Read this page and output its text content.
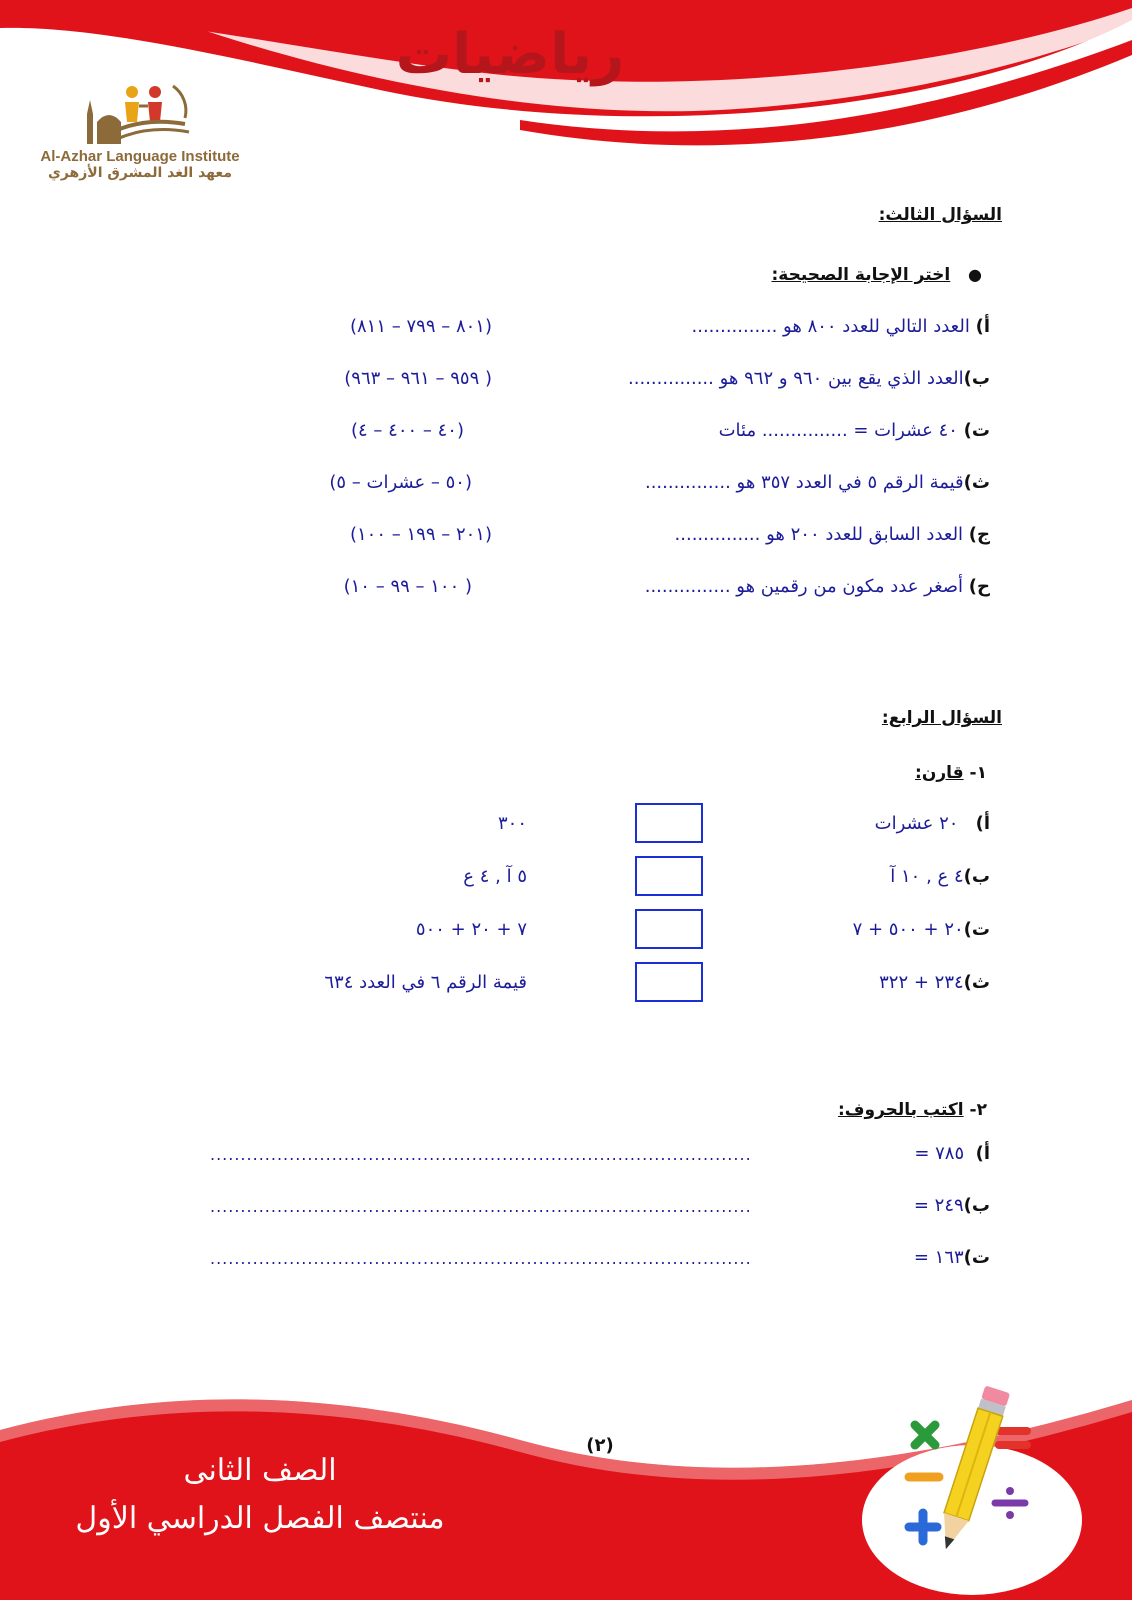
رياضيات
Al-Azhar Language Institute
معهد الغد المشرق الأزهري
السؤال الثالث:
●   اختر الإجابة الصحيحة:
أ) العدد التالي للعدد ٨٠٠ هو ...............
(٨٠١ – ٧٩٩ – ٨١١)
ب)العدد الذي يقع بين ٩٦٠ و ٩٦٢ هو ...............
( ٩٥٩ – ٩٦١ – ٩٦٣)
ت) ٤٠ عشرات = ............... مئات
(٤٠ – ٤٠٠ – ٤)
ث)قيمة الرقم ٥ في العدد ٣٥٧ هو ...............
(٥٠ – عشرات – ٥)
ج) العدد السابق للعدد ٢٠٠ هو ...............
(٢٠١ – ١٩٩ – ١٠٠)
ح) أصغر عدد مكون من رقمين هو ...............
( ١٠٠ – ٩٩ – ١٠)
السؤال الرابع:
١- قارن:
أ)   ٢٠ عشرات
٣٠٠
ب)٤ ع , ١٠ آ
٥ آ , ٤ ع
ت)٢٠ + ٥٠٠ + ٧
٧ + ٢٠ + ٥٠٠
ث)٢٣٤ + ٣٢٢
قيمة الرقم ٦ في العدد ٦٣٤
٢- اكتب بالحروف:
أ)  ٧٨٥ =
.........................................................................................
ب)٢٤٩ =
.........................................................................................
ت)١٦٣ =
.........................................................................................
الصف الثانى
منتصف الفصل الدراسي الأول
(٢)
